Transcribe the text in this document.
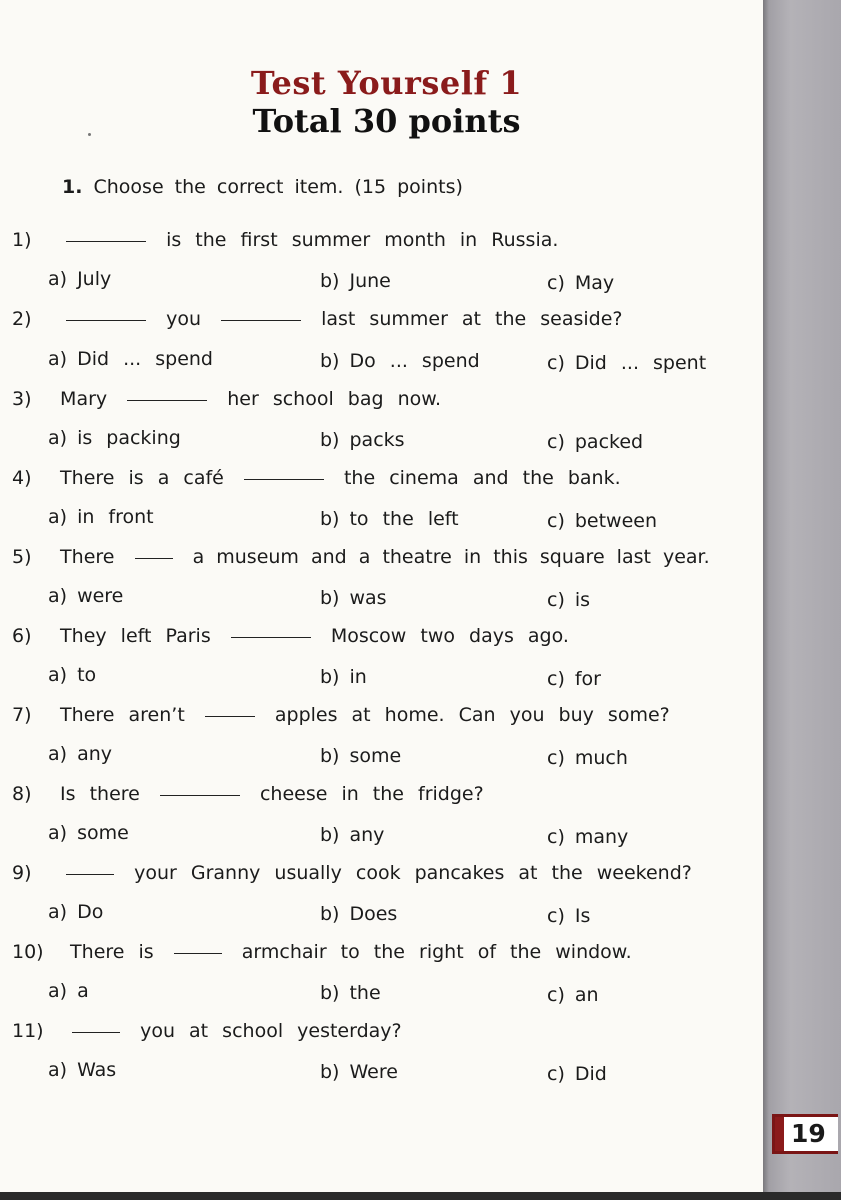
Test Yourself 1
Total 30 points
1. Choose the correct item. (15 points)
1)	is the first summer month in Russia.
a) July	b) June	c) May
2)	you	last summer at the seaside?
a) Did ... spend	b) Do ... spend	c) Did ... spent
3) Mary	her school bag now.
a) is packing	b) packs	c) packed
4) There is a café	the cinema and the bank.
a) in front	b) to the left	c) between
5) There	a museum and a theatre in this square last year.
a) were	b) was	c) is
6) They left Paris	Moscow two days ago.
a) to	b) in	c) for
7) There aren’t	apples at home. Can you buy some?
a) any	b) some	c) much
8) Is there	cheese in the fridge?
a) some	b) any	c) many
9)	your Granny usually cook pancakes at the weekend?
a) Do	b) Does	c) Is
10) There is	armchair to the right of the window.
a) a	b) the	c) an
11)	you at school yesterday?
a) Was	b) Were	c) Did
19
